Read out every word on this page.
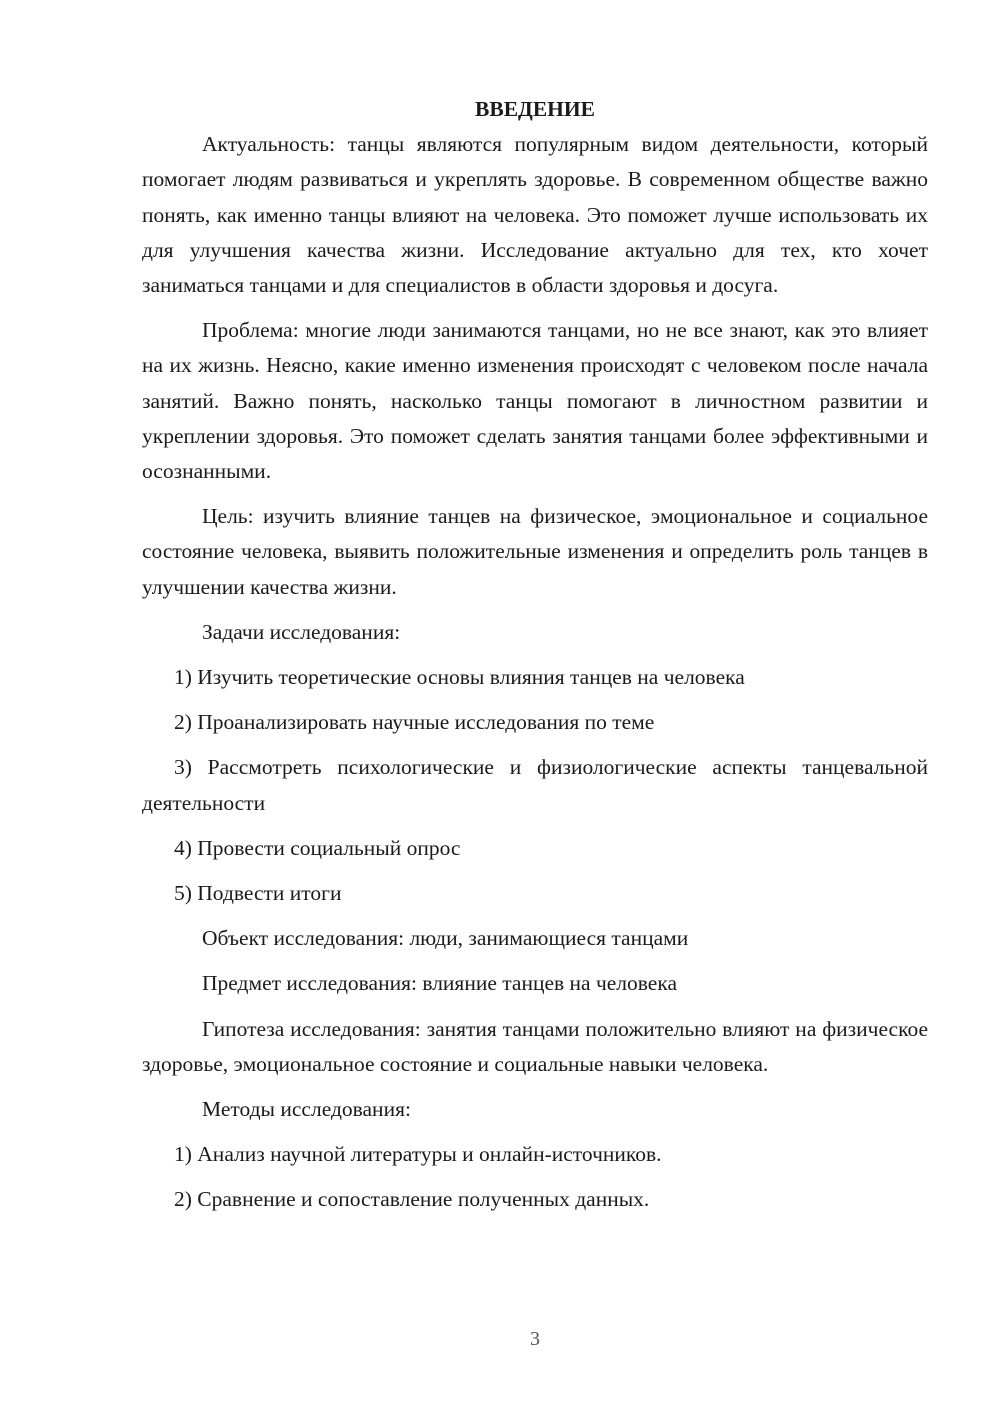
ВВЕДЕНИЕ

Актуальность: танцы являются популярным видом деятельности, который помогает людям развиваться и укреплять здоровье. В современном обществе важно понять, как именно танцы влияют на человека. Это поможет лучше использовать их для улучшения качества жизни. Исследование актуально для тех, кто хочет заниматься танцами и для специалистов в области здоровья и досуга.

Проблема: многие люди занимаются танцами, но не все знают, как это влияет на их жизнь. Неясно, какие именно изменения происходят с человеком после начала занятий. Важно понять, насколько танцы помогают в личностном развитии и укреплении здоровья. Это поможет сделать занятия танцами более эффективными и осознанными.

Цель: изучить влияние танцев на физическое, эмоциональное и социальное состояние человека, выявить положительные изменения и определить роль танцев в улучшении качества жизни.

Задачи исследования:

1) Изучить теоретические основы влияния танцев на человека

2) Проанализировать научные исследования по теме

3) Рассмотреть психологические и физиологические аспекты танцевальной деятельности

4) Провести социальный опрос

5) Подвести итоги

Объект исследования: люди, занимающиеся танцами

Предмет исследования: влияние танцев на человека

Гипотеза исследования: занятия танцами положительно влияют на физическое здоровье, эмоциональное состояние и социальные навыки человека.

Методы исследования:

1) Анализ научной литературы и онлайн-источников.

2) Сравнение и сопоставление полученных данных.

3
